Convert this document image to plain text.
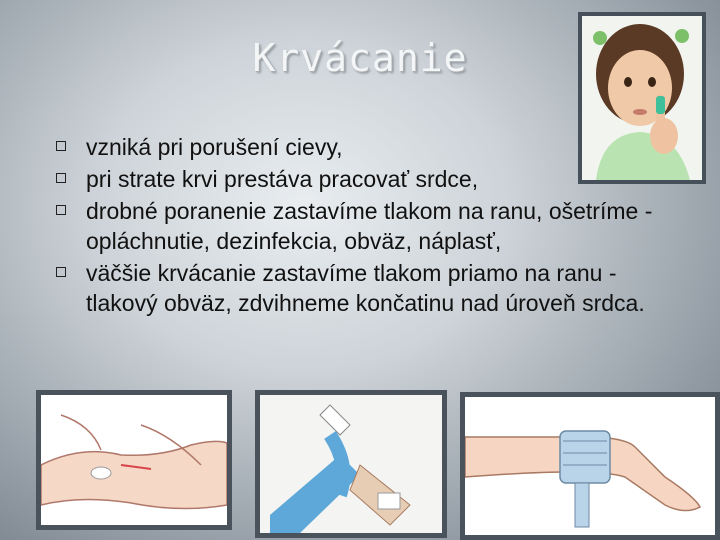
Krvácanie
vzniká pri porušení cievy,
pri strate krvi prestáva pracovať srdce,
drobné poranenie zastavíme tlakom na ranu, ošetríme - opláchnutie, dezinfekcia, obväz, náplasť,
väčšie krvácanie zastavíme tlakom priamo na ranu - tlakový obväz, zdvihneme končatinu nad úroveň srdca.
